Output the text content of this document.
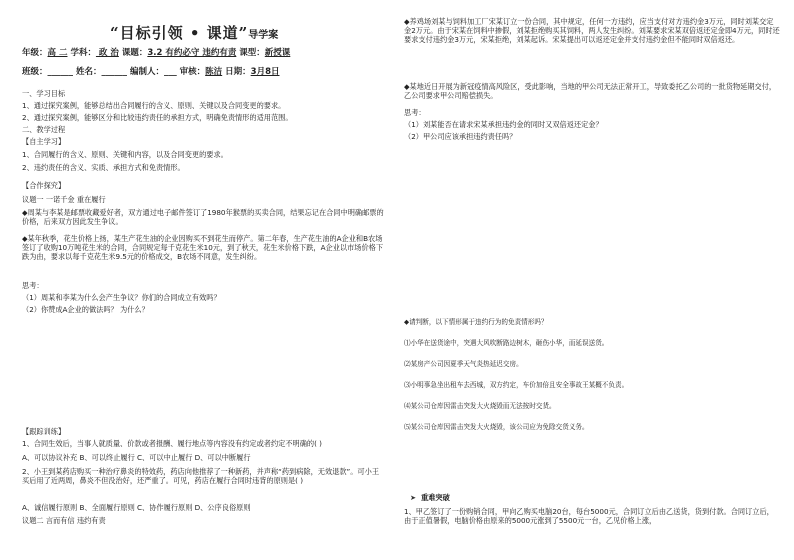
“目标引领 • 课道”导学案
年级：高 二 学科： 政 治 课题：3.2 有约必守 违约有责 课型：新授课
班级：______ 姓名：______ 编制人：___ 审核：陈洁 日期：3月8日
一、学习目标
1、通过探究案例，能够总结出合同履行的含义、原则、关键以及合同变更的要求。
2、通过探究案例，能够区分和比较违约责任的承担方式，明确免责情形的适用范围。
二、教学过程
【自主学习】
1、合同履行的含义、原则、关键和内容，以及合同变更的要求。
2、违约责任的含义、实质、承担方式和免责情形。
【合作探究】
议题一 一诺千金 重在履行
◆周某与李某是邮票收藏爱好者，双方通过电子邮件签订了1980年猴票的买卖合同，结果忘记在合同中明确邮票的价格，后来双方因此发生争议。
◆某年秋季，花生价格上扬，某生产花生油的企业因购买不到花生而停产。第二年春，生产花生油的A企业和B农场签订了收购10万吨花生米的合同，合同规定每千克花生米10元，到了秋天，花生米价格下跌，A企业以市场价格下跌为由，要求以每千克花生米9.5元的价格成交，B农场不同意，发生纠纷。
思考：
（1）周某和李某为什么会产生争议？你们的合同成立有效吗？
（2）你赞成A企业的做法吗？ 为什么？
【跟踪训练】
1、合同生效后，当事人就质量、价款或者报酬、履行地点等内容没有约定或者约定不明确的( )
A、可以协议补充 B、可以终止履行 C、可以中止履行 D、可以中断履行
2、小王到某药店购买一种治疗鼻炎的特效药，药店向他推荐了一种新药，并声称“药到病除，无效退款”。可小王买后用了近两周，鼻炎不但没治好，还严重了。可见，药店在履行合同时违背的原则是( )
A、诚信履行原则 B、全面履行原则 C、协作履行原则 D、公序良俗原则
议题二 言而有信 违约有责
◆养鸡场刘某与饲料加工厂宋某订立一份合同，其中规定，任何一方违约，应当支付对方违约金3万元，同时刘某交定金2万元。由于宋某在饲料中掺假，刘某拒绝购买其饲料，两人发生纠纷。刘某要求宋某双倍返还定金即4万元，同时还要求支付违约金3万元，宋某拒绝，刘某起诉。宋某提出可以返还定金并支付违约金但不能同时双倍返还。
◆某地近日开展为新冠疫情高风险区，受此影响，当地的甲公司无法正常开工，导致委托乙公司的一批货物延期交付，乙公司要求甲公司赔偿损失。
思考：
（1）刘某能否在请求宋某承担违约金的同时又双倍返还定金？
（2）甲公司应该承担违约责任吗？
◆请判断，以下情形属于违约行为的免责情形吗？
⑴小华在送货途中，突遇大风吹断路边树木，砸伤小华，而延误送货。
⑵某房产公司因夏季天气炎热延迟交房。
⑶小明事急坐出租车去西城，双方约定，车价加倍且安全事故王某概不负责。
⑷某公司仓库因雷击突发大火烧毁而无法按时交货。
⑸某公司仓库因雷击突发大火烧毁，该公司应为免除交货义务。
➤ 重难突破
1、甲乙签订了一份购销合同，甲向乙购买电脑20台，每台5000元，合同订立后由乙送货，货到付款。合同订立后，由于正值暑假，电脑价格由原来的5000元涨到了5500元一台，乙见价格上涨，
